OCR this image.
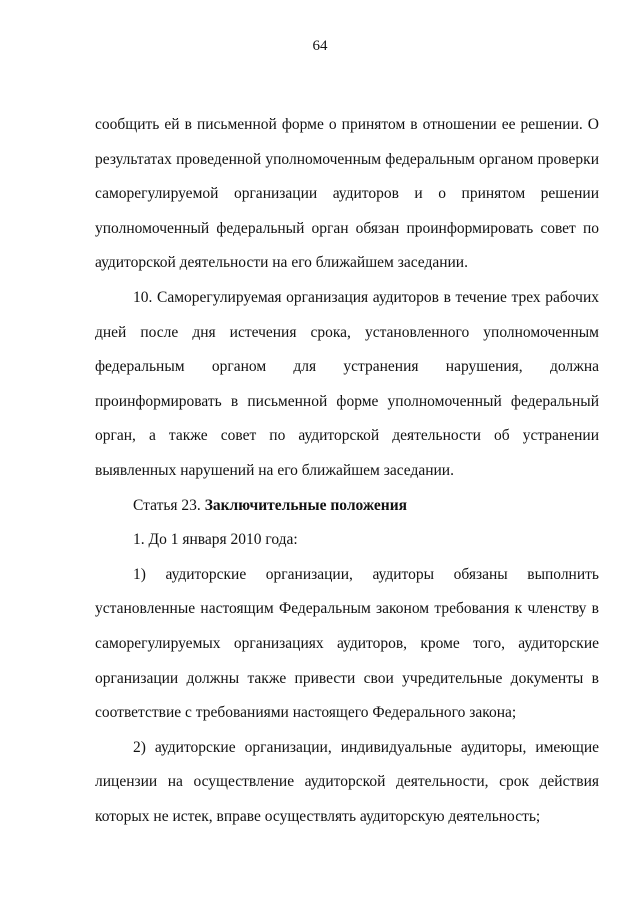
64

сообщить ей в письменной форме о принятом в отношении ее решении. О результатах проведенной уполномоченным федеральным органом проверки саморегулируемой организации аудиторов и о принятом решении уполномоченный федеральный орган обязан проинформировать совет по аудиторской деятельности на его ближайшем заседании.

10. Саморегулируемая организация аудиторов в течение трех рабочих дней после дня истечения срока, установленного уполномоченным федеральным органом для устранения нарушения, должна проинформировать в письменной форме уполномоченный федеральный орган, а также совет по аудиторской деятельности об устранении выявленных нарушений на его ближайшем заседании.

Статья 23. Заключительные положения

1. До 1 января 2010 года:

1) аудиторские организации, аудиторы обязаны выполнить установленные настоящим Федеральным законом требования к членству в саморегулируемых организациях аудиторов, кроме того, аудиторские организации должны также привести свои учредительные документы в соответствие с требованиями настоящего Федерального закона;

2) аудиторские организации, индивидуальные аудиторы, имеющие лицензии на осуществление аудиторской деятельности, срок действия которых не истек, вправе осуществлять аудиторскую деятельность;
